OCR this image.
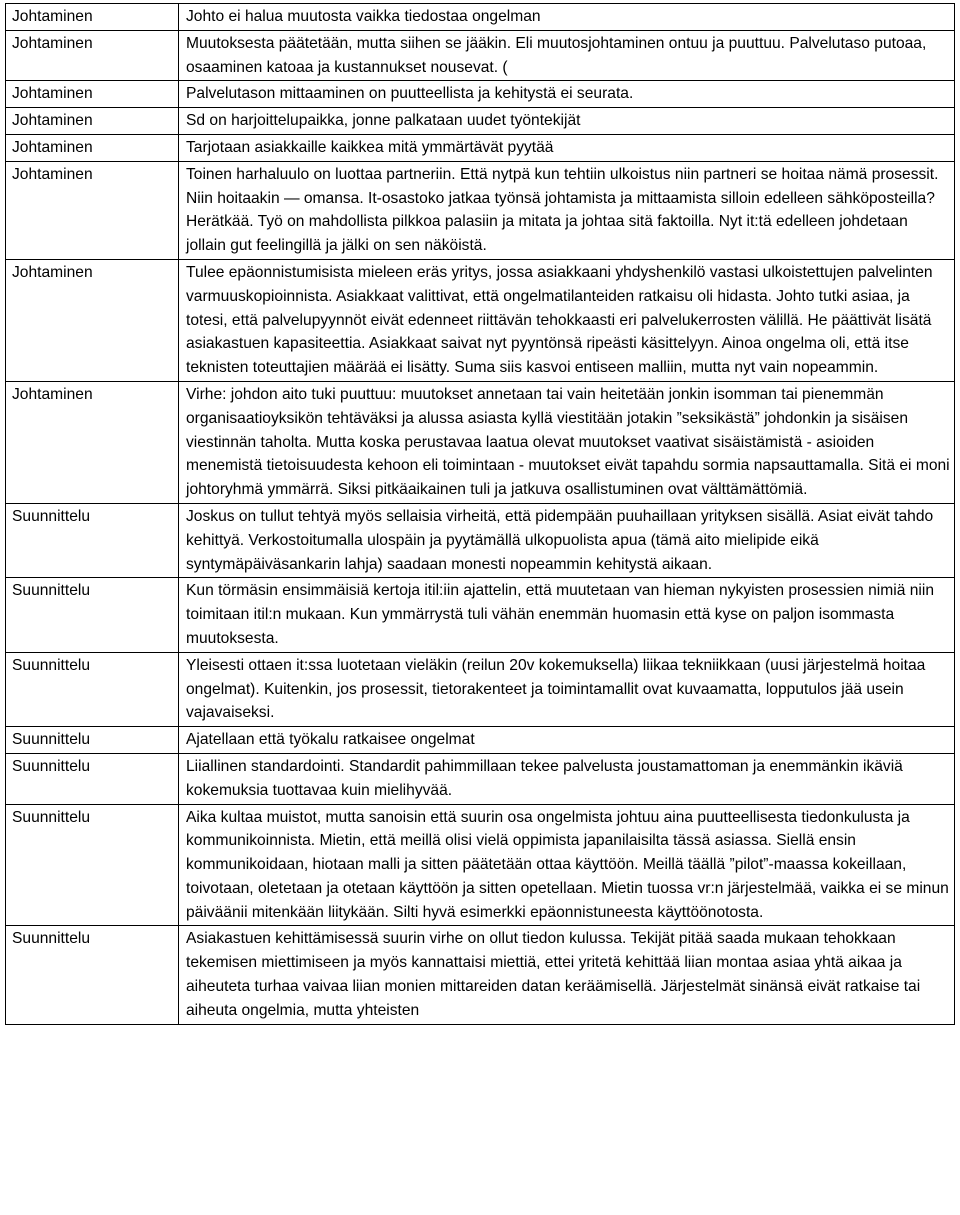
Johtaminen	Johto ei halua muutosta vaikka tiedostaa ongelman
Johtaminen	Muutoksesta päätetään, mutta siihen se jääkin. Eli muutosjohtaminen ontuu ja puuttuu. Palvelutaso putoaa, osaaminen katoaa ja kustannukset nousevat. (
Johtaminen	Palvelutason mittaaminen on puutteellista ja kehitystä ei seurata.
Johtaminen	Sd on harjoittelupaikka, jonne palkataan uudet työntekijät
Johtaminen	Tarjotaan asiakkaille kaikkea mitä ymmärtävät pyytää
Johtaminen	Toinen harhaluulo on luottaa partneriin. Että nytpä kun tehtiin ulkoistus niin partneri se hoitaa nämä prosessit. Niin hoitaakin — omansa. It-osastoko jatkaa työnsä johtamista ja mittaamista silloin edelleen sähköposteilla? Herätkää. Työ on mahdollista pilkkoa palasiin ja mitata ja johtaa sitä faktoilla. Nyt it:tä edelleen johdetaan jollain gut feelingillä ja jälki on sen näköistä.
Johtaminen	Tulee epäonnistumisista mieleen eräs yritys, jossa asiakkaani yhdyshenkilö vastasi ulkoistettujen palvelinten varmuuskopioinnista. Asiakkaat valittivat, että ongelmatilanteiden ratkaisu oli hidasta. Johto tutki asiaa, ja totesi, että palvelupyynnöt eivät edenneet riittävän tehokkaasti eri palvelukerrosten välillä. He päättivät lisätä asiakastuen kapasiteettia. Asiakkaat saivat nyt pyyntönsä ripeästi käsittelyyn. Ainoa ongelma oli, että itse teknisten toteuttajien määrää ei lisätty. Suma siis kasvoi entiseen malliin, mutta nyt vain nopeammin.
Johtaminen	Virhe: johdon aito tuki puuttuu: muutokset annetaan tai vain heitetään jonkin isomman tai pienemmän organisaatioyksikön tehtäväksi ja alussa asiasta kyllä viestitään jotakin ”seksikästä” johdonkin ja sisäisen viestinnän taholta. Mutta koska perustavaa laatua olevat muutokset vaativat sisäistämistä - asioiden menemistä tietoisuudesta kehoon eli toimintaan - muutokset eivät tapahdu sormia napsauttamalla. Sitä ei moni johtoryhmä ymmärrä. Siksi pitkäaikainen tuli ja jatkuva osallistuminen ovat välttämättömiä.
Suunnittelu	Joskus on tullut tehtyä myös sellaisia virheitä, että pidempään puuhaillaan yrityksen sisällä. Asiat eivät tahdo kehittyä. Verkostoitumalla ulospäin ja pyytämällä ulkopuolista apua (tämä aito mielipide eikä syntymäpäiväsankarin lahja) saadaan monesti nopeammin kehitystä aikaan.
Suunnittelu	Kun törmäsin ensimmäisiä kertoja itil:iin ajattelin, että muutetaan van hieman nykyisten prosessien nimiä niin toimitaan itil:n mukaan. Kun ymmärrystä tuli vähän enemmän huomasin että kyse on paljon isommasta muutoksesta.
Suunnittelu	Yleisesti ottaen it:ssa luotetaan vieläkin (reilun 20v kokemuksella) liikaa tekniikkaan (uusi järjestelmä hoitaa ongelmat). Kuitenkin, jos prosessit, tietorakenteet ja toimintamallit ovat kuvaamatta, lopputulos jää usein vajavaiseksi.
Suunnittelu	Ajatellaan että työkalu ratkaisee ongelmat
Suunnittelu	Liiallinen standardointi. Standardit pahimmillaan tekee palvelusta joustamattoman ja enemmänkin ikäviä kokemuksia tuottavaa kuin mielihyvää.
Suunnittelu	Aika kultaa muistot, mutta sanoisin että suurin osa ongelmista johtuu aina puutteellisesta tiedonkulusta ja kommunikoinnista. Mietin, että meillä olisi vielä oppimista japanilaisilta tässä asiassa. Siellä ensin kommunikoidaan, hiotaan malli ja sitten päätetään ottaa käyttöön. Meillä täällä ”pilot”-maassa kokeillaan, toivotaan, oletetaan ja otetaan käyttöön ja sitten opetellaan. Mietin tuossa vr:n järjestelmää, vaikka ei se minun päiväänii mitenkään liitykään. Silti hyvä esimerkki epäonnistuneesta käyttöönotosta.
Suunnittelu	Asiakastuen kehittämisessä suurin virhe on ollut tiedon kulussa. Tekijät pitää saada mukaan tehokkaan tekemisen miettimiseen ja myös kannattaisi miettiä, ettei yritetä kehittää liian montaa asiaa yhtä aikaa ja aiheuteta turhaa vaivaa liian monien mittareiden datan keräämisellä. Järjestelmät sinänsä eivät ratkaise tai aiheuta ongelmia, mutta yhteisten
